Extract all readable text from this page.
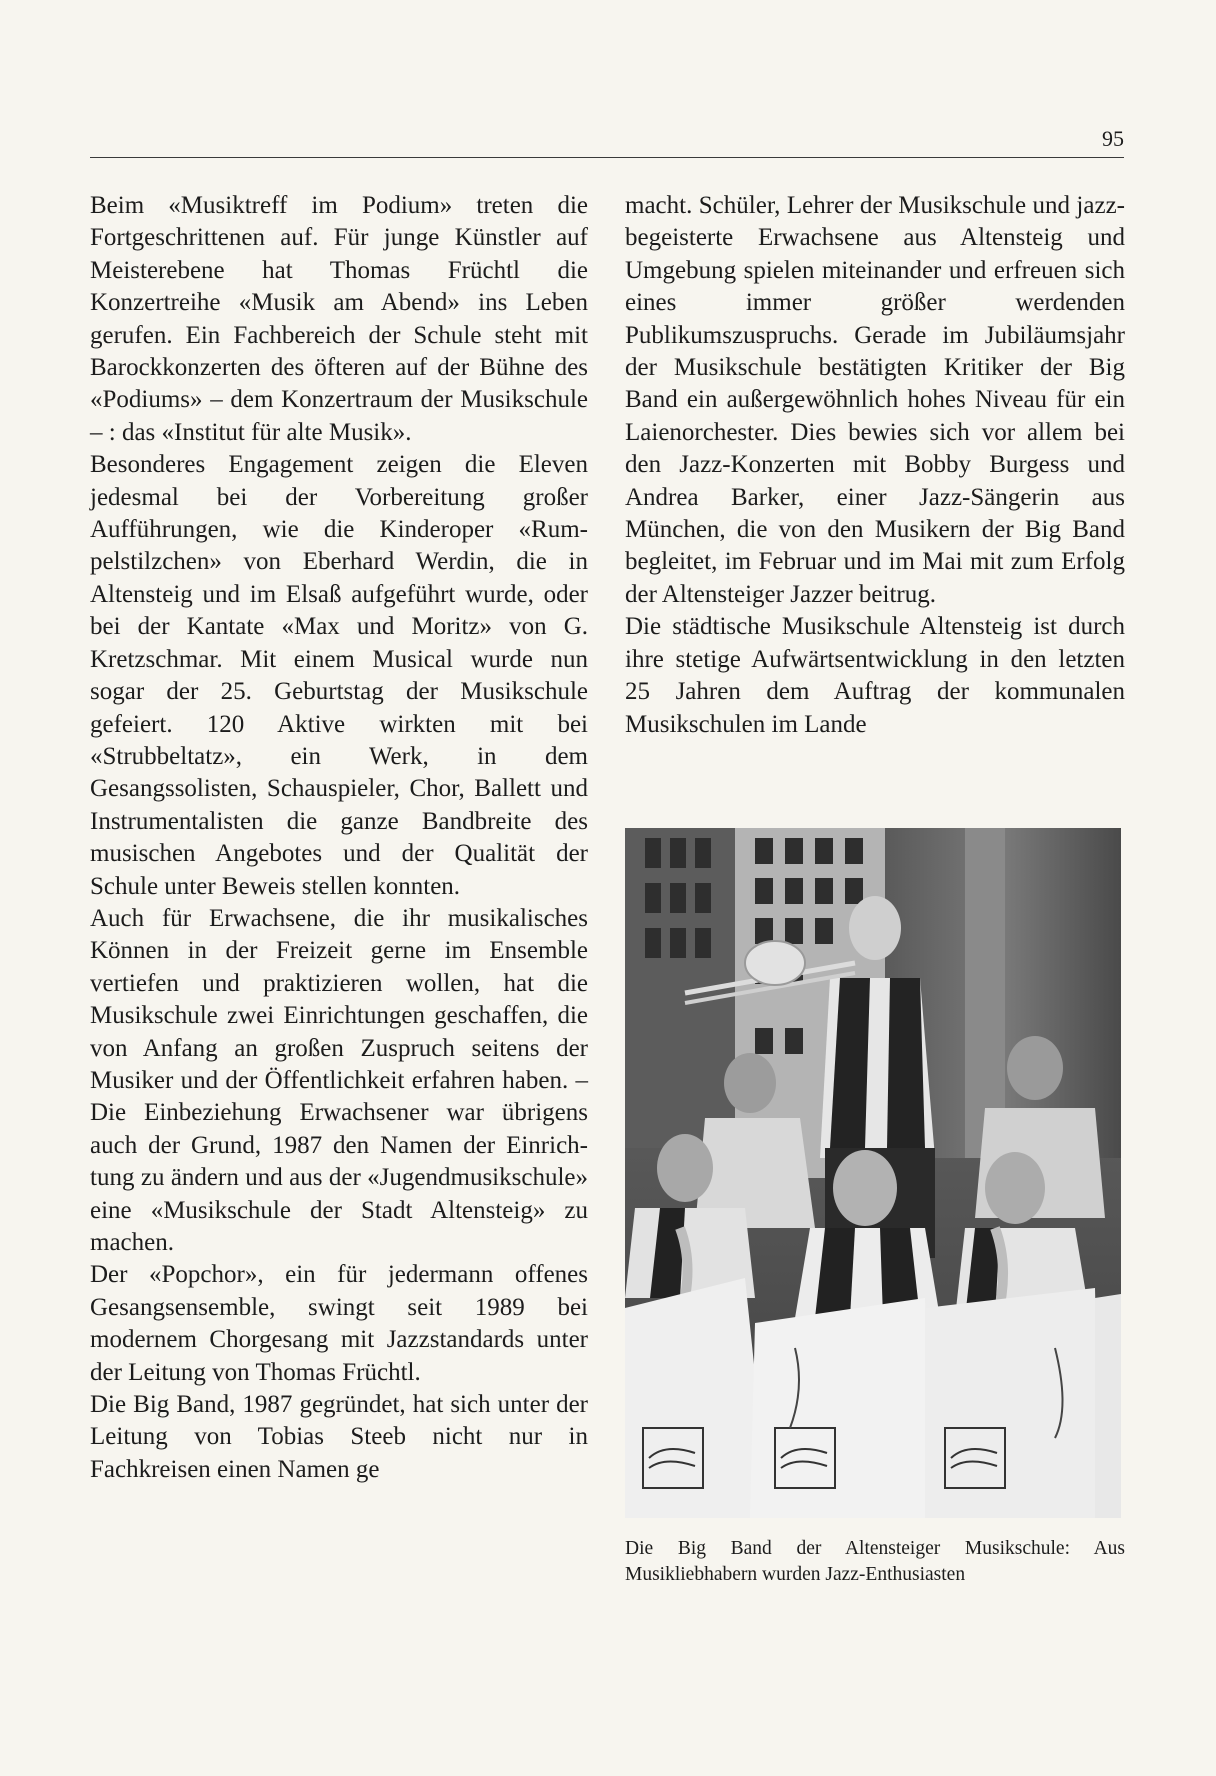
95

Beim «Musiktreff im Podium» treten die Fortgeschrittenen auf. Für junge Künstler auf Meisterebene hat Thomas Früchtl die Konzertreihe «Musik am Abend» ins Leben gerufen. Ein Fachbereich der Schule steht mit Barockkonzerten des öfteren auf der Bühne des «Podiums» – dem Konzertraum der Musikschule – : das «Institut für alte Musik».

Besonderes Engagement zeigen die Eleven jedesmal bei der Vorbereitung großer Aufführungen, wie die Kinderoper «Rumpelstilzchen» von Eberhard Werdin, die in Altensteig und im Elsaß aufgeführt wurde, oder bei der Kantate «Max und Moritz» von G. Kretzschmar. Mit einem Musical wurde nun sogar der 25. Geburtstag der Musikschule gefeiert. 120 Aktive wirkten mit bei «Strubbeltatz», ein Werk, in dem Gesangssolisten, Schauspieler, Chor, Ballett und Instrumentalisten die ganze Bandbreite des musischen Angebotes und der Qualität der Schule unter Beweis stellen konnten.

Auch für Erwachsene, die ihr musikalisches Können in der Freizeit gerne im Ensemble vertiefen und praktizieren wollen, hat die Musikschule zwei Einrichtungen geschaffen, die von Anfang an großen Zuspruch seitens der Musiker und der Öffentlichkeit erfahren haben. – Die Einbeziehung Erwachsener war übrigens auch der Grund, 1987 den Namen der Einrichtung zu ändern und aus der «Jugendmusikschule» eine «Musikschule der Stadt Altensteig» zu machen.

Der «Popchor», ein für jedermann offenes Gesangsensemble, swingt seit 1989 bei modernem Chorgesang mit Jazzstandards unter der Leitung von Thomas Früchtl.

Die Big Band, 1987 gegründet, hat sich unter der Leitung von Tobias Steeb nicht nur in Fachkreisen einen Namen ge

macht. Schüler, Lehrer der Musikschule und jazz-begeisterte Erwachsene aus Altensteig und Umgebung spielen miteinander und erfreuen sich eines immer größer werdenden Publikumszuspruchs. Gerade im Jubiläumsjahr der Musikschule bestätigten Kritiker der Big Band ein außergewöhnlich hohes Niveau für ein Laienorchester. Dies bewies sich vor allem bei den Jazz-Konzerten mit Bobby Burgess und Andrea Barker, einer Jazz-Sängerin aus München, die von den Musikern der Big Band begleitet, im Februar und im Mai mit zum Erfolg der Altensteiger Jazzer beitrug.

Die städtische Musikschule Altensteig ist durch ihre stetige Aufwärtsentwicklung in den letzten 25 Jahren dem Auftrag der kommunalen Musikschulen im Lande

Die Big Band der Altensteiger Musikschule: Aus Musikliebhabern wurden Jazz-Enthusiasten
